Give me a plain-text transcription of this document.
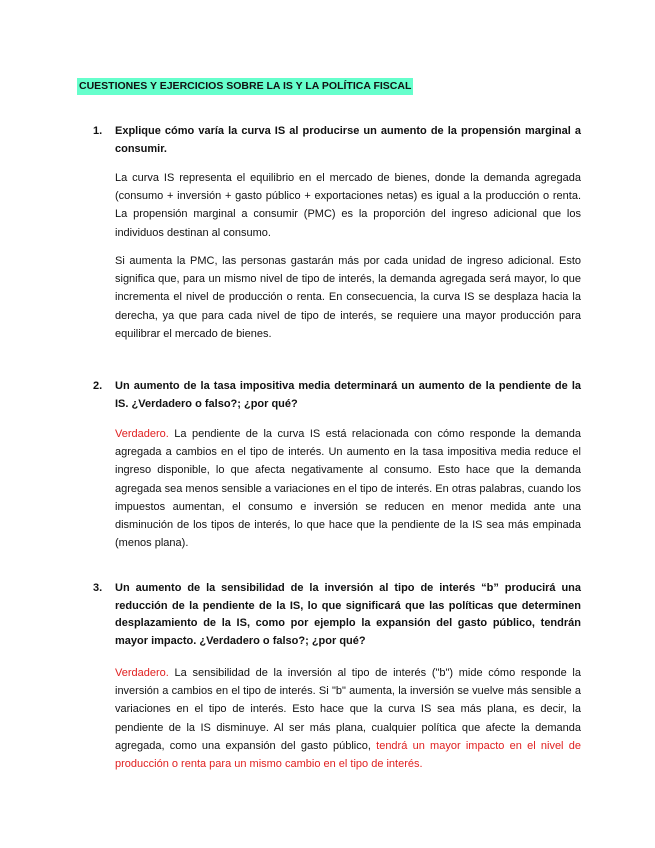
CUESTIONES Y EJERCICIOS SOBRE LA IS Y LA POLÍTICA FISCAL
1. Explique cómo varía la curva IS al producirse un aumento de la propensión marginal a consumir.
La curva IS representa el equilibrio en el mercado de bienes, donde la demanda agregada (consumo + inversión + gasto público + exportaciones netas) es igual a la producción o renta. La propensión marginal a consumir (PMC) es la proporción del ingreso adicional que los individuos destinan al consumo.
Si aumenta la PMC, las personas gastarán más por cada unidad de ingreso adicional. Esto significa que, para un mismo nivel de tipo de interés, la demanda agregada será mayor, lo que incrementa el nivel de producción o renta. En consecuencia, la curva IS se desplaza hacia la derecha, ya que para cada nivel de tipo de interés, se requiere una mayor producción para equilibrar el mercado de bienes.
2. Un aumento de la tasa impositiva media determinará un aumento de la pendiente de la IS. ¿Verdadero o falso?; ¿por qué?
Verdadero. La pendiente de la curva IS está relacionada con cómo responde la demanda agregada a cambios en el tipo de interés. Un aumento en la tasa impositiva media reduce el ingreso disponible, lo que afecta negativamente al consumo. Esto hace que la demanda agregada sea menos sensible a variaciones en el tipo de interés. En otras palabras, cuando los impuestos aumentan, el consumo e inversión se reducen en menor medida ante una disminución de los tipos de interés, lo que hace que la pendiente de la IS sea más empinada (menos plana).
3. Un aumento de la sensibilidad de la inversión al tipo de interés “b” producirá una reducción de la pendiente de la IS, lo que significará que las políticas que determinen desplazamiento de la IS, como por ejemplo la expansión del gasto público, tendrán mayor impacto. ¿Verdadero o falso?; ¿por qué?
Verdadero. La sensibilidad de la inversión al tipo de interés ("b") mide cómo responde la inversión a cambios en el tipo de interés. Si "b" aumenta, la inversión se vuelve más sensible a variaciones en el tipo de interés. Esto hace que la curva IS sea más plana, es decir, la pendiente de la IS disminuye. Al ser más plana, cualquier política que afecte la demanda agregada, como una expansión del gasto público, tendrá un mayor impacto en el nivel de producción o renta para un mismo cambio en el tipo de interés.
